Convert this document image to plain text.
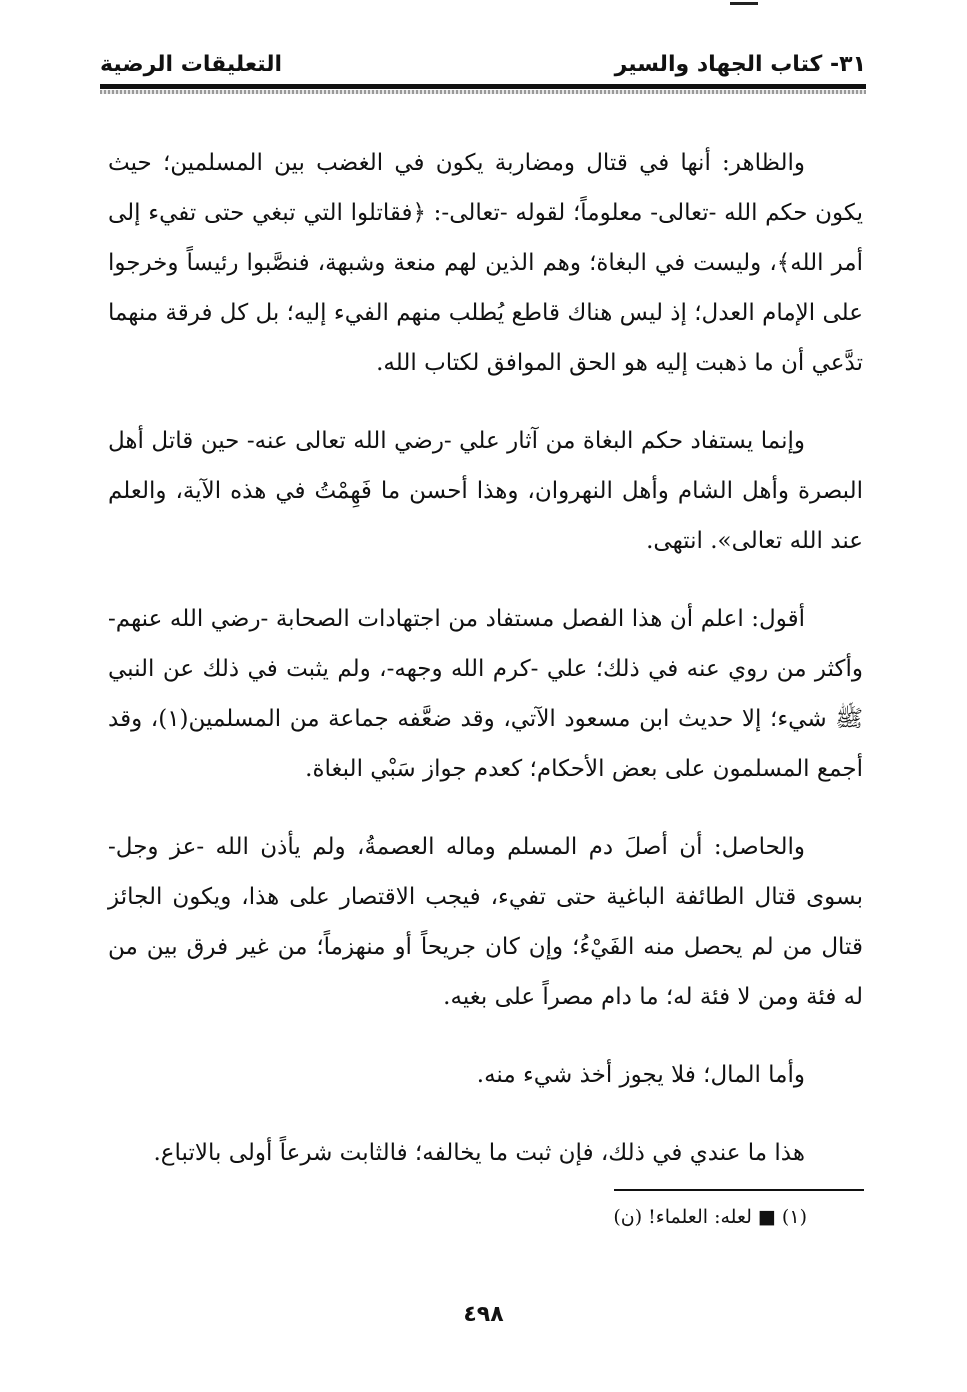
٣١- كتاب الجهاد والسير
التعليقات الرضية

والظاهر: أنها في قتال ومضاربة يكون في الغضب بين المسلمين؛ حيث يكون حكم الله -تعالى- معلوماً؛ لقوله -تعالى-: ﴿فقاتلوا التي تبغي حتى تفيء إلى أمر الله﴾، وليست في البغاة؛ وهم الذين لهم منعة وشبهة، فنصَّبوا رئيساً وخرجوا على الإمام العدل؛ إذ ليس هناك قاطع يُطلب منهم الفيء إليه؛ بل كل فرقة منهما تدَّعي أن ما ذهبت إليه هو الحق الموافق لكتاب الله.

وإنما يستفاد حكم البغاة من آثار علي -رضي الله تعالى عنه- حين قاتل أهل البصرة وأهل الشام وأهل النهروان، وهذا أحسن ما فَهِمْتُ في هذه الآية، والعلم عند الله تعالى». انتهى.

أقول: اعلم أن هذا الفصل مستفاد من اجتهادات الصحابة -رضي الله عنهم- وأكثر من روي عنه في ذلك؛ علي -كرم الله وجهه-، ولم يثبت في ذلك عن النبي ﷺ شيء؛ إلا حديث ابن مسعود الآتي، وقد ضعَّفه جماعة من المسلمين(١)، وقد أجمع المسلمون على بعض الأحكام؛ كعدم جواز سَبْي البغاة.

والحاصل: أن أصلَ دم المسلم وماله العصمةُ، ولم يأذن الله -عز وجل- بسوى قتال الطائفة الباغية حتى تفيء، فيجب الاقتصار على هذا، ويكون الجائز قتال من لم يحصل منه الفَيْءُ؛ وإن كان جريحاً أو منهزماً؛ من غير فرق بين من له فئة ومن لا فئة له؛ ما دام مصراً على بغيه.

وأما المال؛ فلا يجوز أخذ شيء منه.

هذا ما عندي في ذلك، فإن ثبت ما يخالفه؛ فالثابت شرعاً أولى بالاتباع.

(١) ■ لعله: العلماء! (ن)
٤٩٨
